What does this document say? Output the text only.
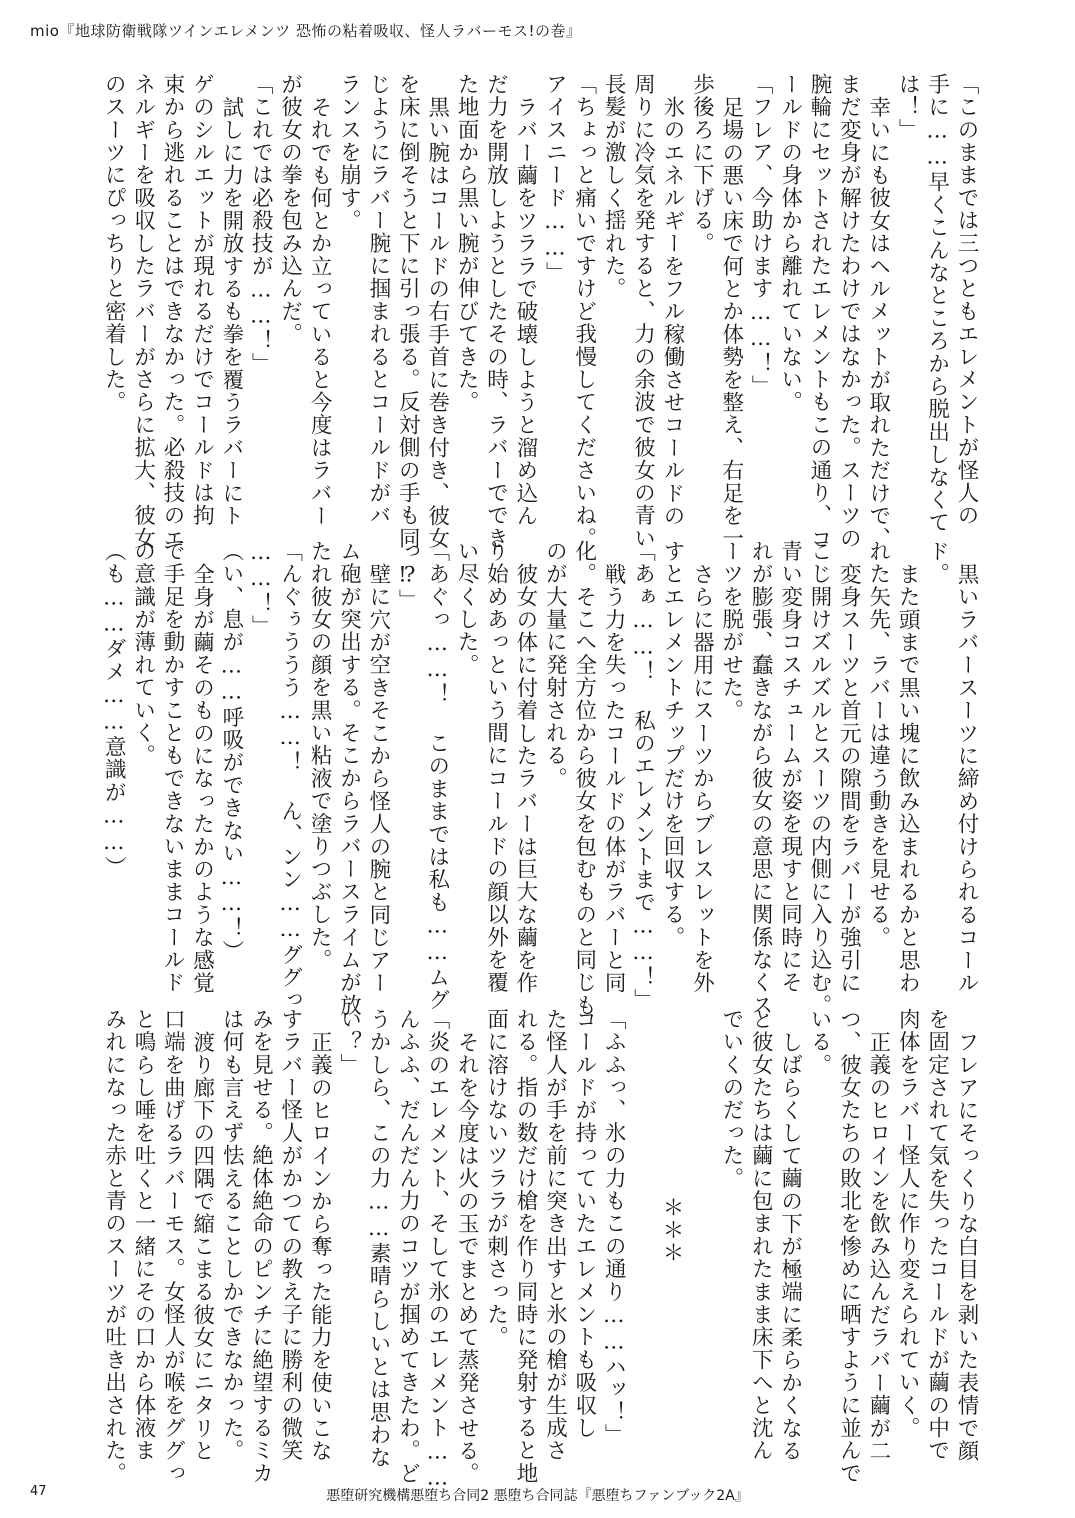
mio『地球防衛戦隊ツインエレメンツ 恐怖の粘着吸収、怪人ラバーモス!の巻』
「このままでは三つともエレメントが怪人の
手に……早くこんなところから脱出しなくて
は！」
幸いにも彼女はヘルメットが取れただけで、
まだ変身が解けたわけではなかった。スーツの
腕輪にセットされたエレメントもこの通り、コ
ールドの身体から離れていない。
「フレア、今助けます……！」
足場の悪い床で何とか体勢を整え、右足を一
歩後ろに下げる。
氷のエネルギーをフル稼働させコールドの
周りに冷気を発すると、力の余波で彼女の青い
長髪が激しく揺れた。
「ちょっと痛いですけど我慢してくださいね。
アイスニード……」
ラバー繭をツララで破壊しようと溜め込ん
だ力を開放しようとしたその時、ラバーででき
た地面から黒い腕が伸びてきた。
黒い腕はコールドの右手首に巻き付き、彼女
を床に倒そうと下に引っ張る。反対側の手も同
じようにラバー腕に掴まれるとコールドがバ
ランスを崩す。
それでも何とか立っていると今度はラバー
が彼女の拳を包み込んだ。
「これでは必殺技が……！」
試しに力を開放するも拳を覆うラバーにト
ゲのシルエットが現れるだけでコールドは拘
束から逃れることはできなかった。必殺技のエ
ネルギーを吸収したラバーがさらに拡大、彼女
のスーツにぴっちりと密着した。
黒いラバースーツに締め付けられるコール
ド。
また頭まで黒い塊に飲み込まれるかと思わ
れた矢先、ラバーは違う動きを見せる。
変身スーツと首元の隙間をラバーが強引に
こじ開けズルズルとスーツの内側に入り込む。
青い変身コスチュームが姿を現すと同時にそ
れが膨張、蠢きながら彼女の意思に関係なくス
ーツを脱がせた。
さらに器用にスーツからブレスレットを外
すとエレメントチップだけを回収する。
「あぁ……！ 私のエレメントまで……！」
戦う力を失ったコールドの体がラバーと同
化。そこへ全方位から彼女を包むものと同じも
のが大量に発射される。
彼女の体に付着したラバーは巨大な繭を作
り始めあっという間にコールドの顔以外を覆
い尽くした。
「あぐっ……！ このままでは私も……ムグ
っ⁉」
壁に穴が空きそこから怪人の腕と同じアー
ム砲が突出する。そこからラバースライムが放
たれ彼女の顔を黒い粘液で塗りつぶした。
「んぐぅううう……！ ん、ンン……ググっ
……！」
（い、息が……呼吸ができない……！）
全身が繭そのものになったかのような感覚
で手足を動かすこともできないままコールド
の意識が薄れていく。
（も……ダメ……意識が……）
フレアにそっくりな白目を剥いた表情で顔
を固定されて気を失ったコールドが繭の中で
肉体をラバー怪人に作り変えられていく。
正義のヒロインを飲み込んだラバー繭が二
つ、彼女たちの敗北を惨めに晒すように並んで
いる。
しばらくして繭の下が極端に柔らかくなる
と彼女たちは繭に包まれたまま床下へと沈ん
でいくのだった。
＊＊＊
「ふふっ、氷の力もこの通り……ハッ！」
コールドが持っていたエレメントも吸収し
た怪人が手を前に突き出すと氷の槍が生成さ
れる。指の数だけ槍を作り同時に発射すると地
面に溶けないツララが刺さった。
それを今度は火の玉でまとめて蒸発させる。
「炎のエレメント、そして氷のエレメント……
んふふ、だんだん力のコツが掴めてきたわ。ど
うかしら、この力……素晴らしいとは思わな
い？」
正義のヒロインから奪った能力を使いこな
すラバー怪人がかつての教え子に勝利の微笑
みを見せる。絶体絶命のピンチに絶望するミカ
は何も言えず怯えることしかできなかった。
渡り廊下の四隅で縮こまる彼女にニタリと
口端を曲げるラバーモス。女怪人が喉をググっ
と鳴らし唾を吐くと一緒にその口から体液ま
みれになった赤と青のスーツが吐き出された。
47	悪堕研究機構悪堕ち合同2 悪堕ち合同誌『悪堕ちファンブック2A』
